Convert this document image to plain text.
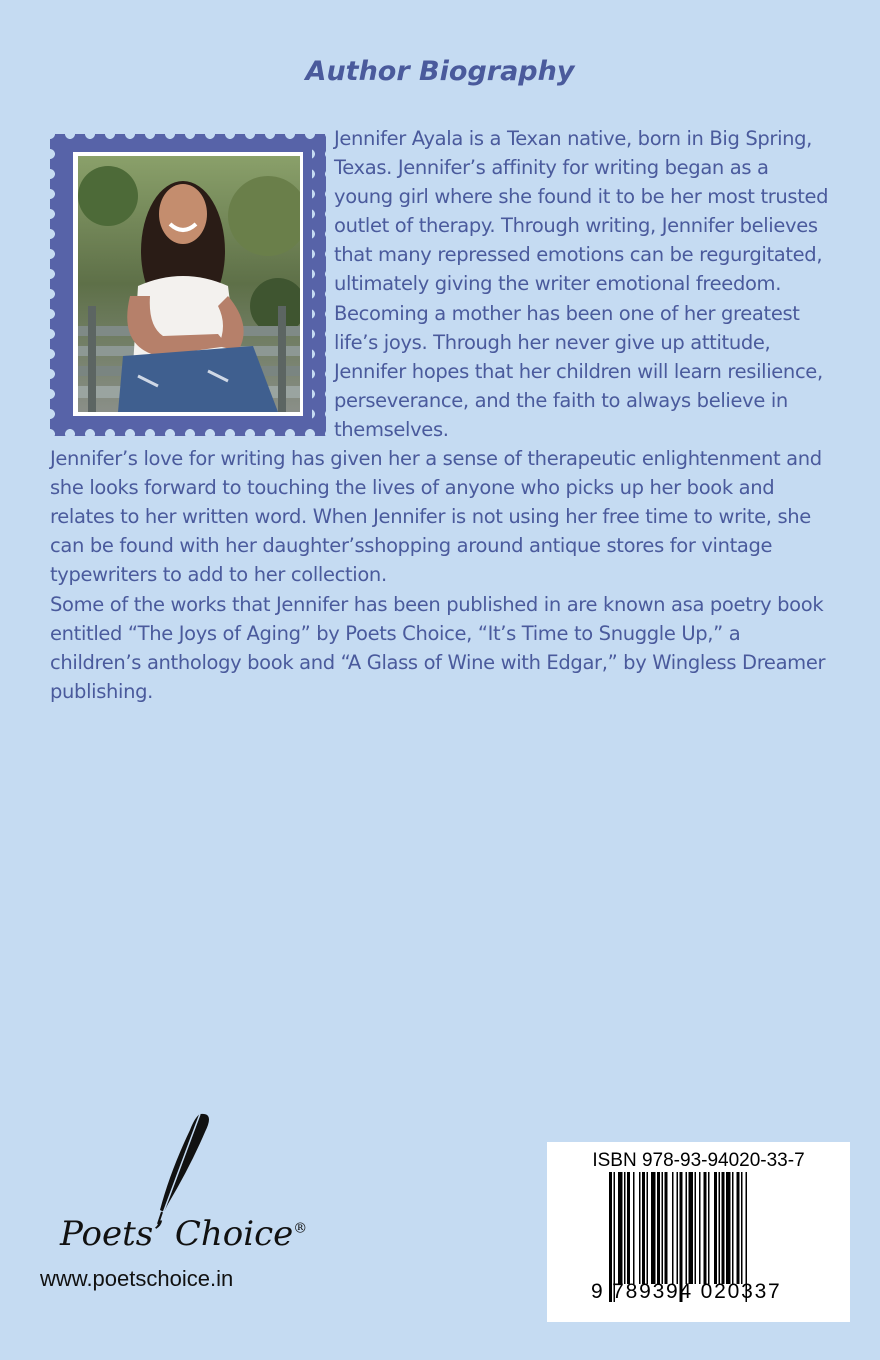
Author Biography

Jennifer Ayala is a Texan native, born in Big Spring, Texas. Jennifer’s affinity for writing began as a young girl where she found it to be her most trusted outlet of therapy. Through writing, Jennifer believes that many repressed emotions can be regurgitated, ultimately giving the writer emotional freedom. Becoming a mother has been one of her greatest life’s joys. Through her never give up attitude, Jennifer hopes that her children will learn resilience, perseverance, and the faith to always believe in themselves.

Jennifer’s love for writing has given her a sense of therapeutic enlightenment and she looks forward to touching the lives of anyone who picks up her book and relates to her written word. When Jennifer is not using her free time to write, she can be found with her daughter’sshopping around antique stores for vintage typewriters to add to her collection.

Some of the works that Jennifer has been published in are known asa poetry book entitled “The Joys of Aging” by Poets Choice, “It’s Time to Snuggle Up,” a children’s anthology book and “A Glass of Wine with Edgar,” by Wingless Dreamer publishing.

Poets’ Choice®
www.poetschoice.in
ISBN 978-93-94020-33-7
9 789394 020337
